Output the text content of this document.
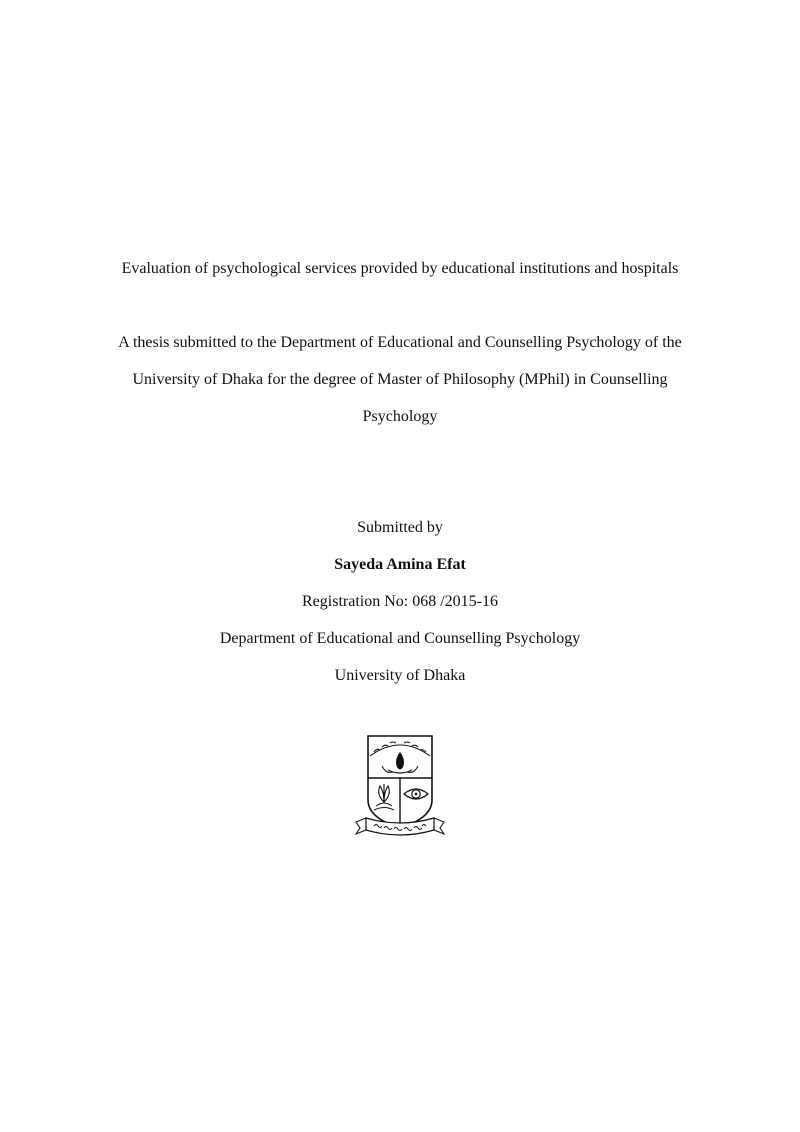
Evaluation of psychological services provided by educational institutions and hospitals
A thesis submitted to the Department of Educational and Counselling Psychology of the
University of Dhaka for the degree of Master of Philosophy (MPhil) in Counselling
Psychology
Submitted by
Sayeda Amina Efat
Registration No: 068 /2015-16
Department of Educational and Counselling Psychology
University of Dhaka
